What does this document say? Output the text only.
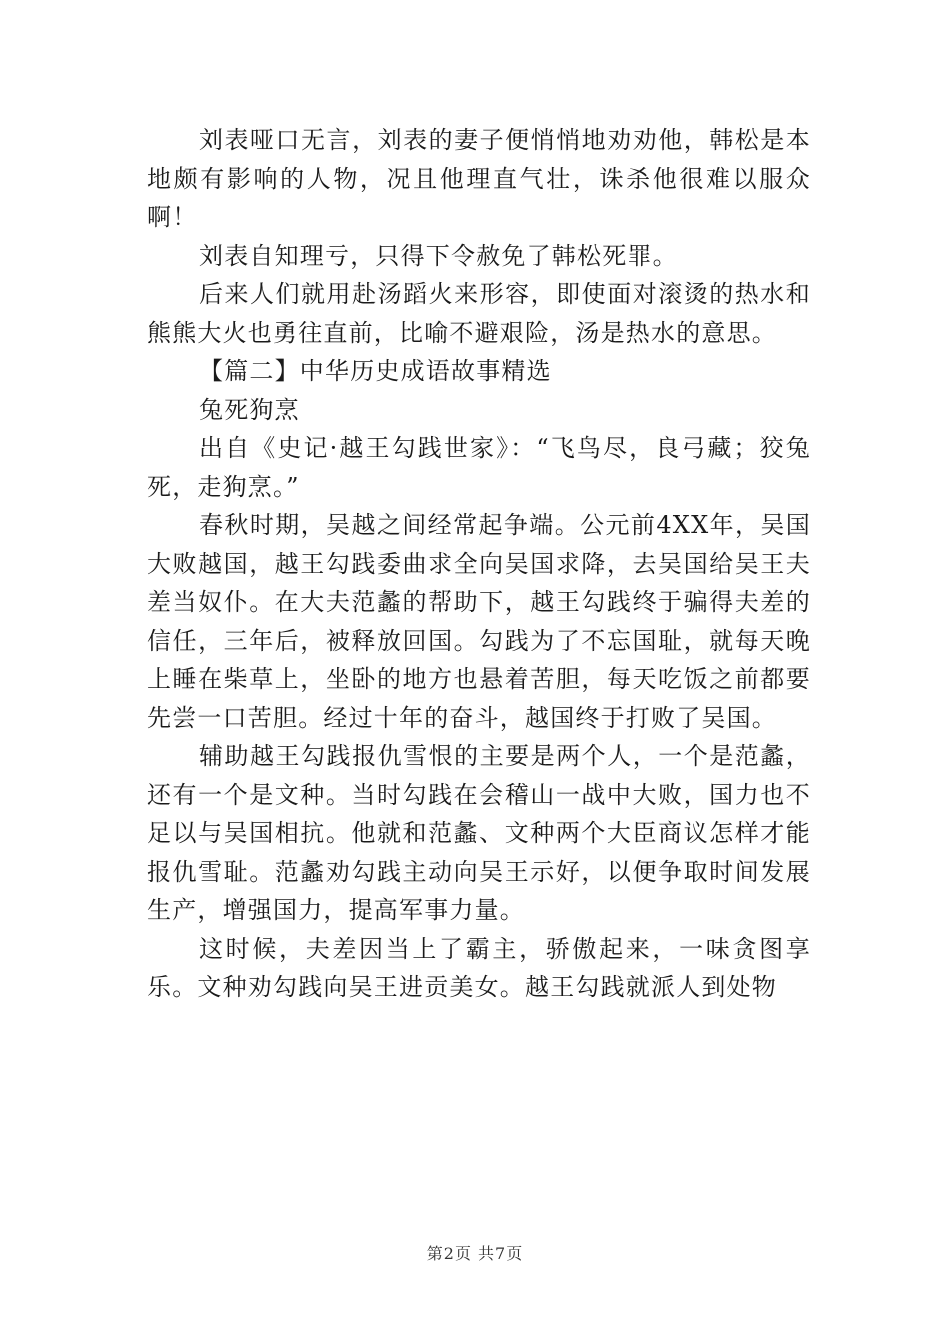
刘表哑口无言，刘表的妻子便悄悄地劝劝他，韩松是本地颇有影响的人物，况且他理直气壮，诛杀他很难以服众啊！

刘表自知理亏，只得下令赦免了韩松死罪。

后来人们就用赴汤蹈火来形容，即使面对滚烫的热水和熊熊大火也勇往直前，比喻不避艰险，汤是热水的意思。

【篇二】中华历史成语故事精选

兔死狗烹

出自《史记·越王勾践世家》：“飞鸟尽，良弓藏；狡兔死，走狗烹。”

春秋时期，吴越之间经常起争端。公元前4XX年，吴国大败越国，越王勾践委曲求全向吴国求降，去吴国给吴王夫差当奴仆。在大夫范蠡的帮助下，越王勾践终于骗得夫差的信任，三年后，被释放回国。勾践为了不忘国耻，就每天晚上睡在柴草上，坐卧的地方也悬着苦胆，每天吃饭之前都要先尝一口苦胆。经过十年的奋斗，越国终于打败了吴国。

辅助越王勾践报仇雪恨的主要是两个人，一个是范蠡，还有一个是文种。当时勾践在会稽山一战中大败，国力也不足以与吴国相抗。他就和范蠡、文种两个大臣商议怎样才能报仇雪耻。范蠡劝勾践主动向吴王示好，以便争取时间发展生产，增强国力，提高军事力量。

这时候，夫差因当上了霸主，骄傲起来，一味贪图享乐。文种劝勾践向吴王进贡美女。越王勾践就派人到处物

第2页 共7页
